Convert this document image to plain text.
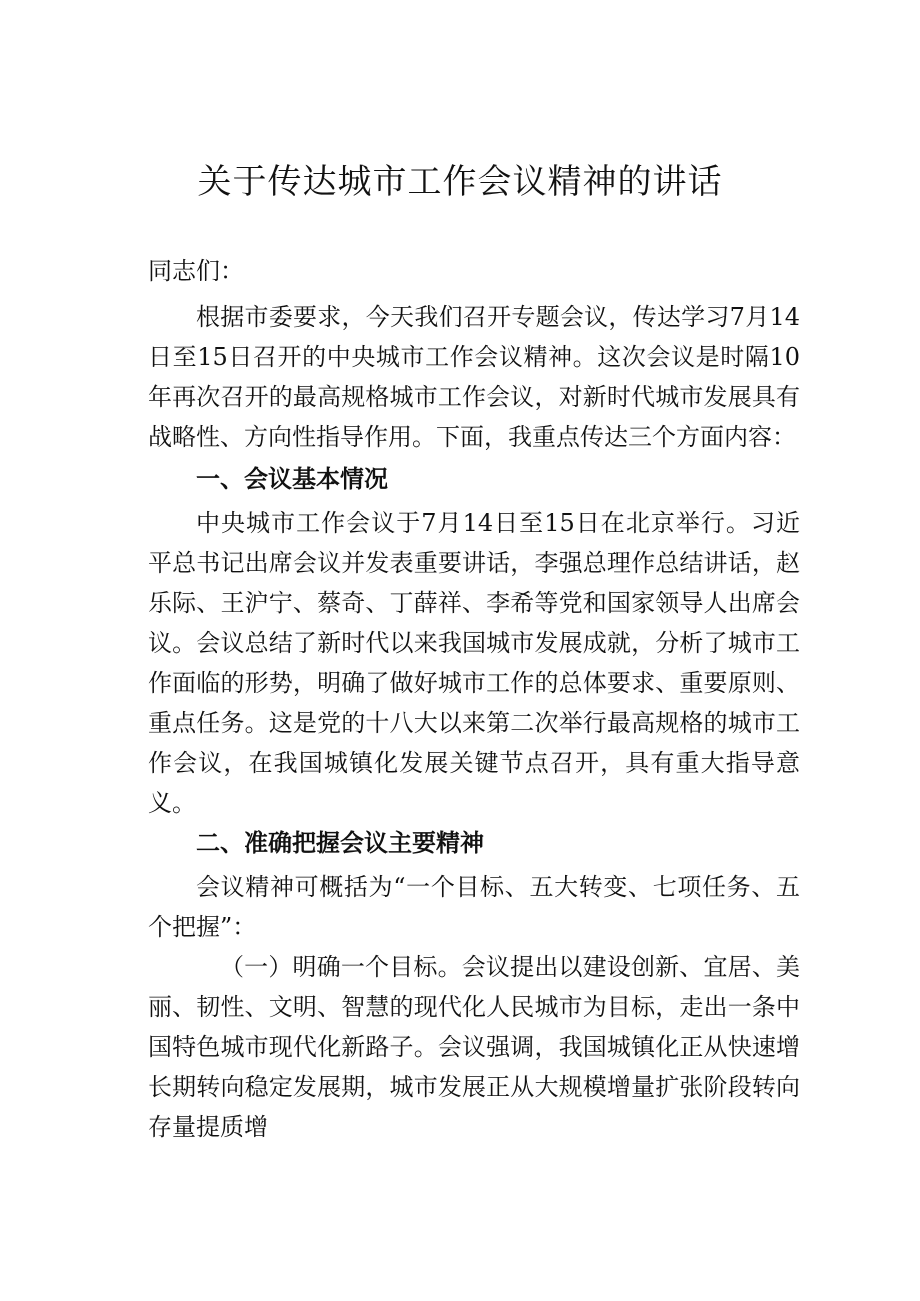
关于传达城市工作会议精神的讲话

同志们：

根据市委要求，今天我们召开专题会议，传达学习7月14日至15日召开的中央城市工作会议精神。这次会议是时隔10年再次召开的最高规格城市工作会议，对新时代城市发展具有战略性、方向性指导作用。下面，我重点传达三个方面内容：

一、会议基本情况

中央城市工作会议于7月14日至15日在北京举行。习近平总书记出席会议并发表重要讲话，李强总理作总结讲话，赵乐际、王沪宁、蔡奇、丁薛祥、李希等党和国家领导人出席会议。会议总结了新时代以来我国城市发展成就，分析了城市工作面临的形势，明确了做好城市工作的总体要求、重要原则、重点任务。这是党的十八大以来第二次举行最高规格的城市工作会议，在我国城镇化发展关键节点召开，具有重大指导意义。

二、准确把握会议主要精神

会议精神可概括为“一个目标、五大转变、七项任务、五个把握”：

（一）明确一个目标。会议提出以建设创新、宜居、美丽、韧性、文明、智慧的现代化人民城市为目标，走出一条中国特色城市现代化新路子。会议强调，我国城镇化正从快速增长期转向稳定发展期，城市发展正从大规模增量扩张阶段转向存量提质增
